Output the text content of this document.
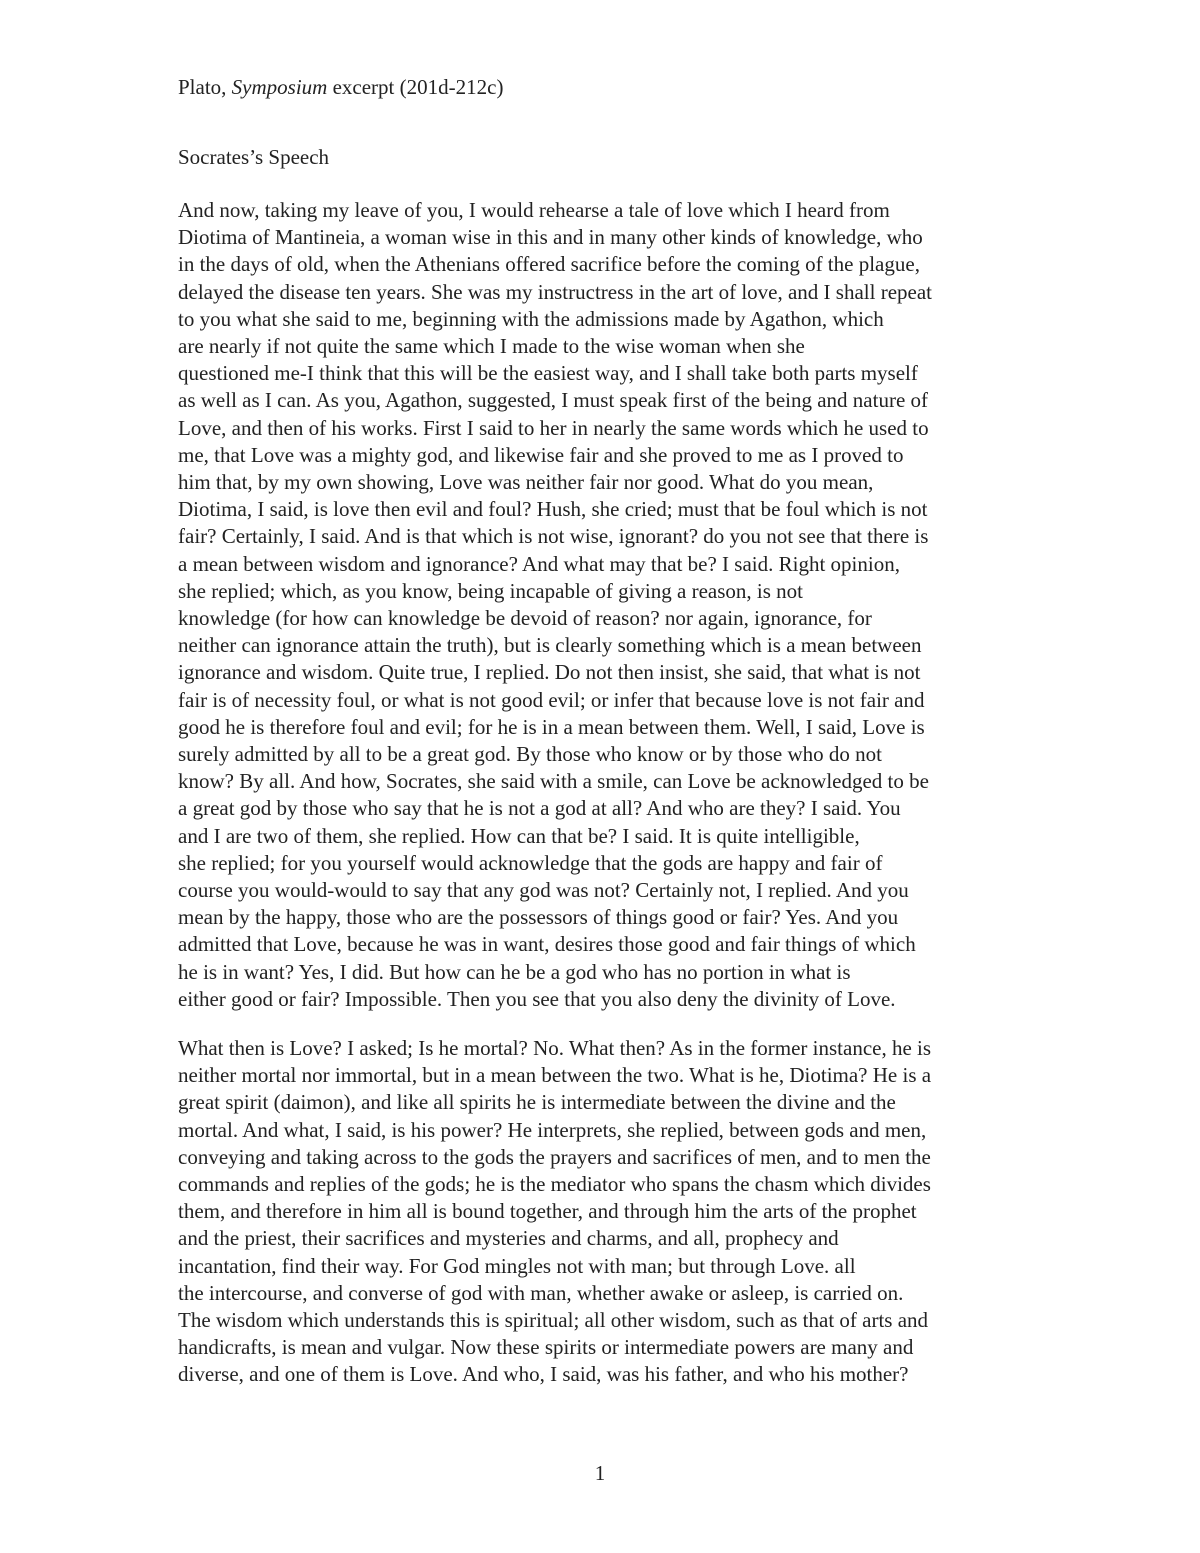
Plato, Symposium excerpt (201d-212c)
Socrates’s Speech
And now, taking my leave of you, I would rehearse a tale of love which I heard from
Diotima of Mantineia, a woman wise in this and in many other kinds of knowledge, who
in the days of old, when the Athenians offered sacrifice before the coming of the plague,
delayed the disease ten years. She was my instructress in the art of love, and I shall repeat
to you what she said to me, beginning with the admissions made by Agathon, which
are nearly if not quite the same which I made to the wise woman when she
questioned me-I think that this will be the easiest way, and I shall take both parts myself
as well as I can. As you, Agathon, suggested, I must speak first of the being and nature of
Love, and then of his works. First I said to her in nearly the same words which he used to
me, that Love was a mighty god, and likewise fair and she proved to me as I proved to
him that, by my own showing, Love was neither fair nor good. What do you mean,
Diotima, I said, is love then evil and foul? Hush, she cried; must that be foul which is not
fair? Certainly, I said. And is that which is not wise, ignorant? do you not see that there is
a mean between wisdom and ignorance? And what may that be? I said. Right opinion,
she replied; which, as you know, being incapable of giving a reason, is not
knowledge (for how can knowledge be devoid of reason? nor again, ignorance, for
neither can ignorance attain the truth), but is clearly something which is a mean between
ignorance and wisdom. Quite true, I replied. Do not then insist, she said, that what is not
fair is of necessity foul, or what is not good evil; or infer that because love is not fair and
good he is therefore foul and evil; for he is in a mean between them. Well, I said, Love is
surely admitted by all to be a great god. By those who know or by those who do not
know? By all. And how, Socrates, she said with a smile, can Love be acknowledged to be
a great god by those who say that he is not a god at all? And who are they? I said. You
and I are two of them, she replied. How can that be? I said. It is quite intelligible,
she replied; for you yourself would acknowledge that the gods are happy and fair of
course you would-would to say that any god was not? Certainly not, I replied. And you
mean by the happy, those who are the possessors of things good or fair? Yes. And you
admitted that Love, because he was in want, desires those good and fair things of which
he is in want? Yes, I did. But how can he be a god who has no portion in what is
either good or fair? Impossible. Then you see that you also deny the divinity of Love.
What then is Love? I asked; Is he mortal? No. What then? As in the former instance, he is
neither mortal nor immortal, but in a mean between the two. What is he, Diotima? He is a
great spirit (daimon), and like all spirits he is intermediate between the divine and the
mortal. And what, I said, is his power? He interprets, she replied, between gods and men,
conveying and taking across to the gods the prayers and sacrifices of men, and to men the
commands and replies of the gods; he is the mediator who spans the chasm which divides
them, and therefore in him all is bound together, and through him the arts of the prophet
and the priest, their sacrifices and mysteries and charms, and all, prophecy and
incantation, find their way. For God mingles not with man; but through Love. all
the intercourse, and converse of god with man, whether awake or asleep, is carried on.
The wisdom which understands this is spiritual; all other wisdom, such as that of arts and
handicrafts, is mean and vulgar. Now these spirits or intermediate powers are many and
diverse, and one of them is Love. And who, I said, was his father, and who his mother?
1
